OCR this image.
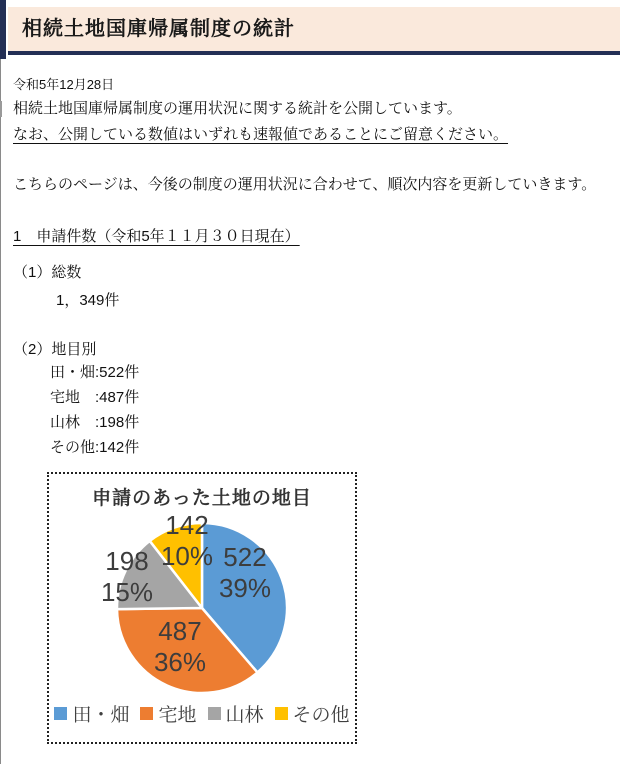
相続土地国庫帰属制度の統計
令和5年12月28日
相続土地国庫帰属制度の運用状況に関する統計を公開しています。
なお、公開している数値はいずれも速報値であることにご留意ください。
こちらのページは、今後の制度の運用状況に合わせて、順次内容を更新していきます。
1　申請件数（令和5年１１月３０日現在）
（1）総数
1，349件
（2）地目別
田・畑:522件
宅地　:487件
山林　:198件
その他:142件
申請のあった土地の地目
522
39%
487
36%
198
15%
142
10%
田・畑 宅地 山林 その他
